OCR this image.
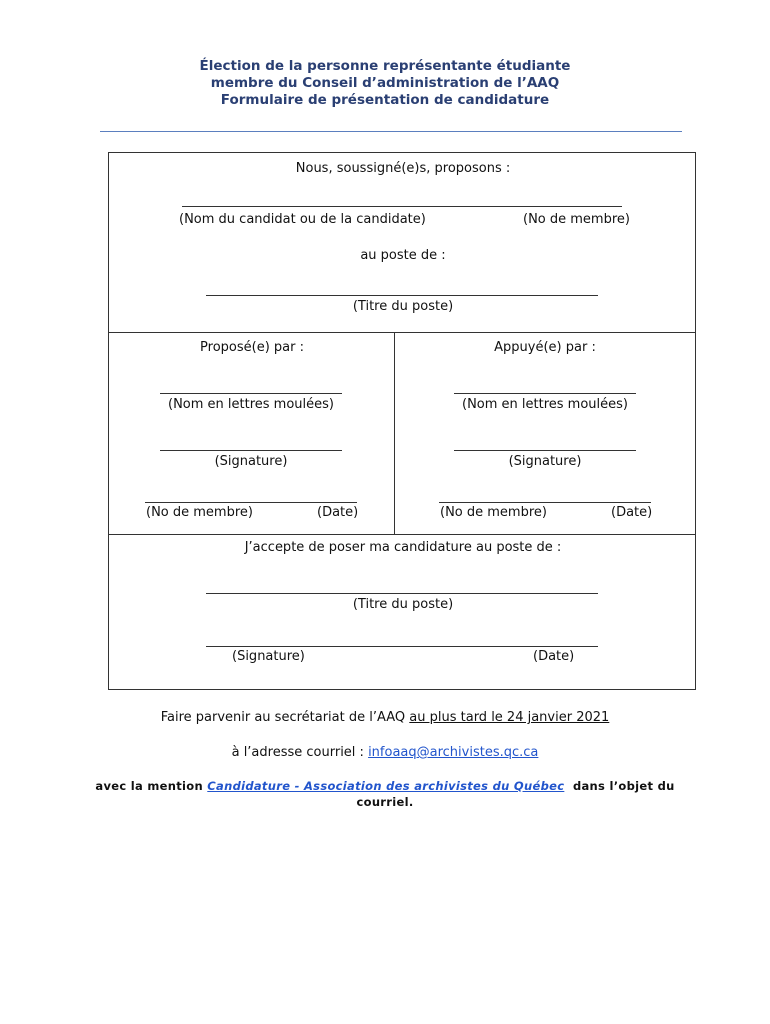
Élection de la personne représentante étudiante
membre du Conseil d’administration de l’AAQ
Formulaire de présentation de candidature
Nous, soussigné(e)s, proposons :
(Nom du candidat ou de la candidate)	(No de membre)
au poste de :
(Titre du poste)
Proposé(e) par :
(Nom en lettres moulées)
(Signature)
(No de membre)	(Date)
Appuyé(e) par :
(Nom en lettres moulées)
(Signature)
(No de membre)	(Date)
J’accepte de poser ma candidature au poste de :
(Titre du poste)
(Signature)	(Date)
Faire parvenir au secrétariat de l’AAQ au plus tard le 24 janvier 2021
à l’adresse courriel : infoaaq@archivistes.qc.ca
avec la mention Candidature - Association des archivistes du Québec  dans l’objet du
courriel.
